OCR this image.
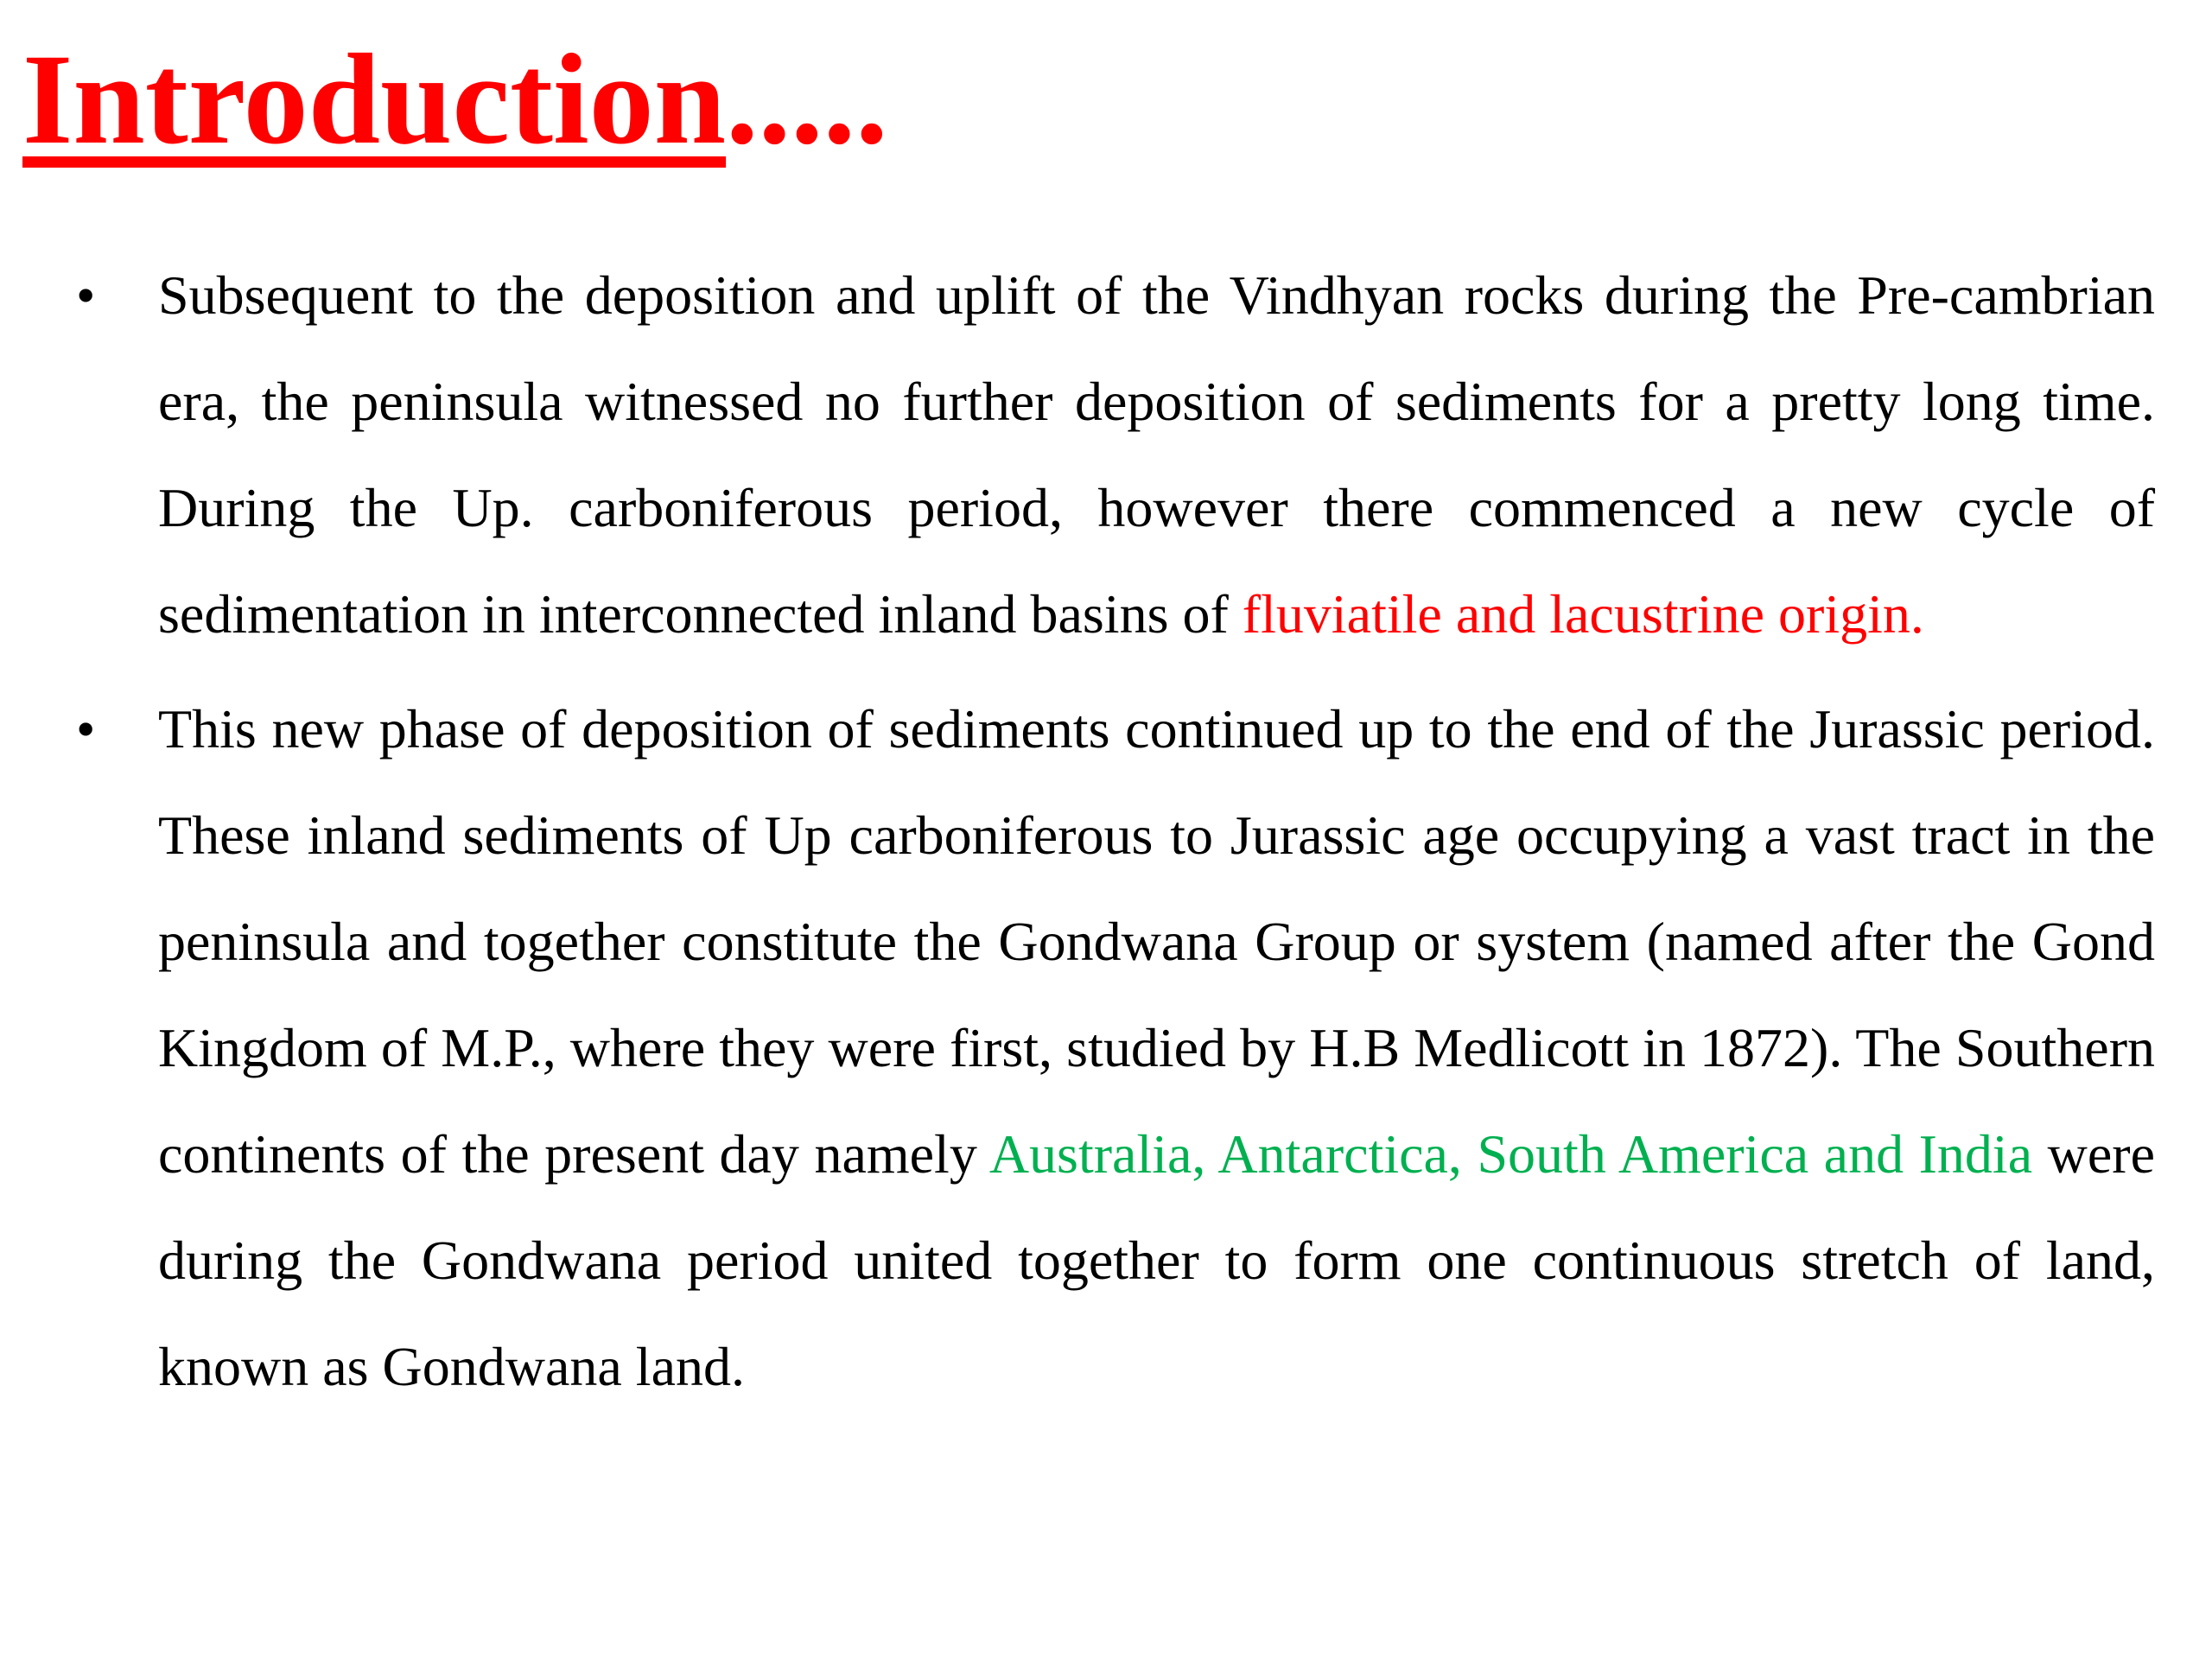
Introduction.....
• Subsequent to the deposition and uplift of the Vindhyan rocks during the Pre-cambrian era, the peninsula witnessed no further deposition of sediments for a pretty long time. During the Up. carboniferous period, however there commenced a new cycle of sedimentation in interconnected inland basins of fluviatile and lacustrine origin.

• This new phase of deposition of sediments continued up to the end of the Jurassic period. These inland sediments of Up carboniferous to Jurassic age occupying a vast tract in the peninsula and together constitute the Gondwana Group or system (named after the Gond Kingdom of M.P., where they were first, studied by H.B Medlicott in 1872). The Southern continents of the present day namely Australia, Antarctica, South America and India were during the Gondwana period united together to form one continuous stretch of land, known as Gondwana land.
